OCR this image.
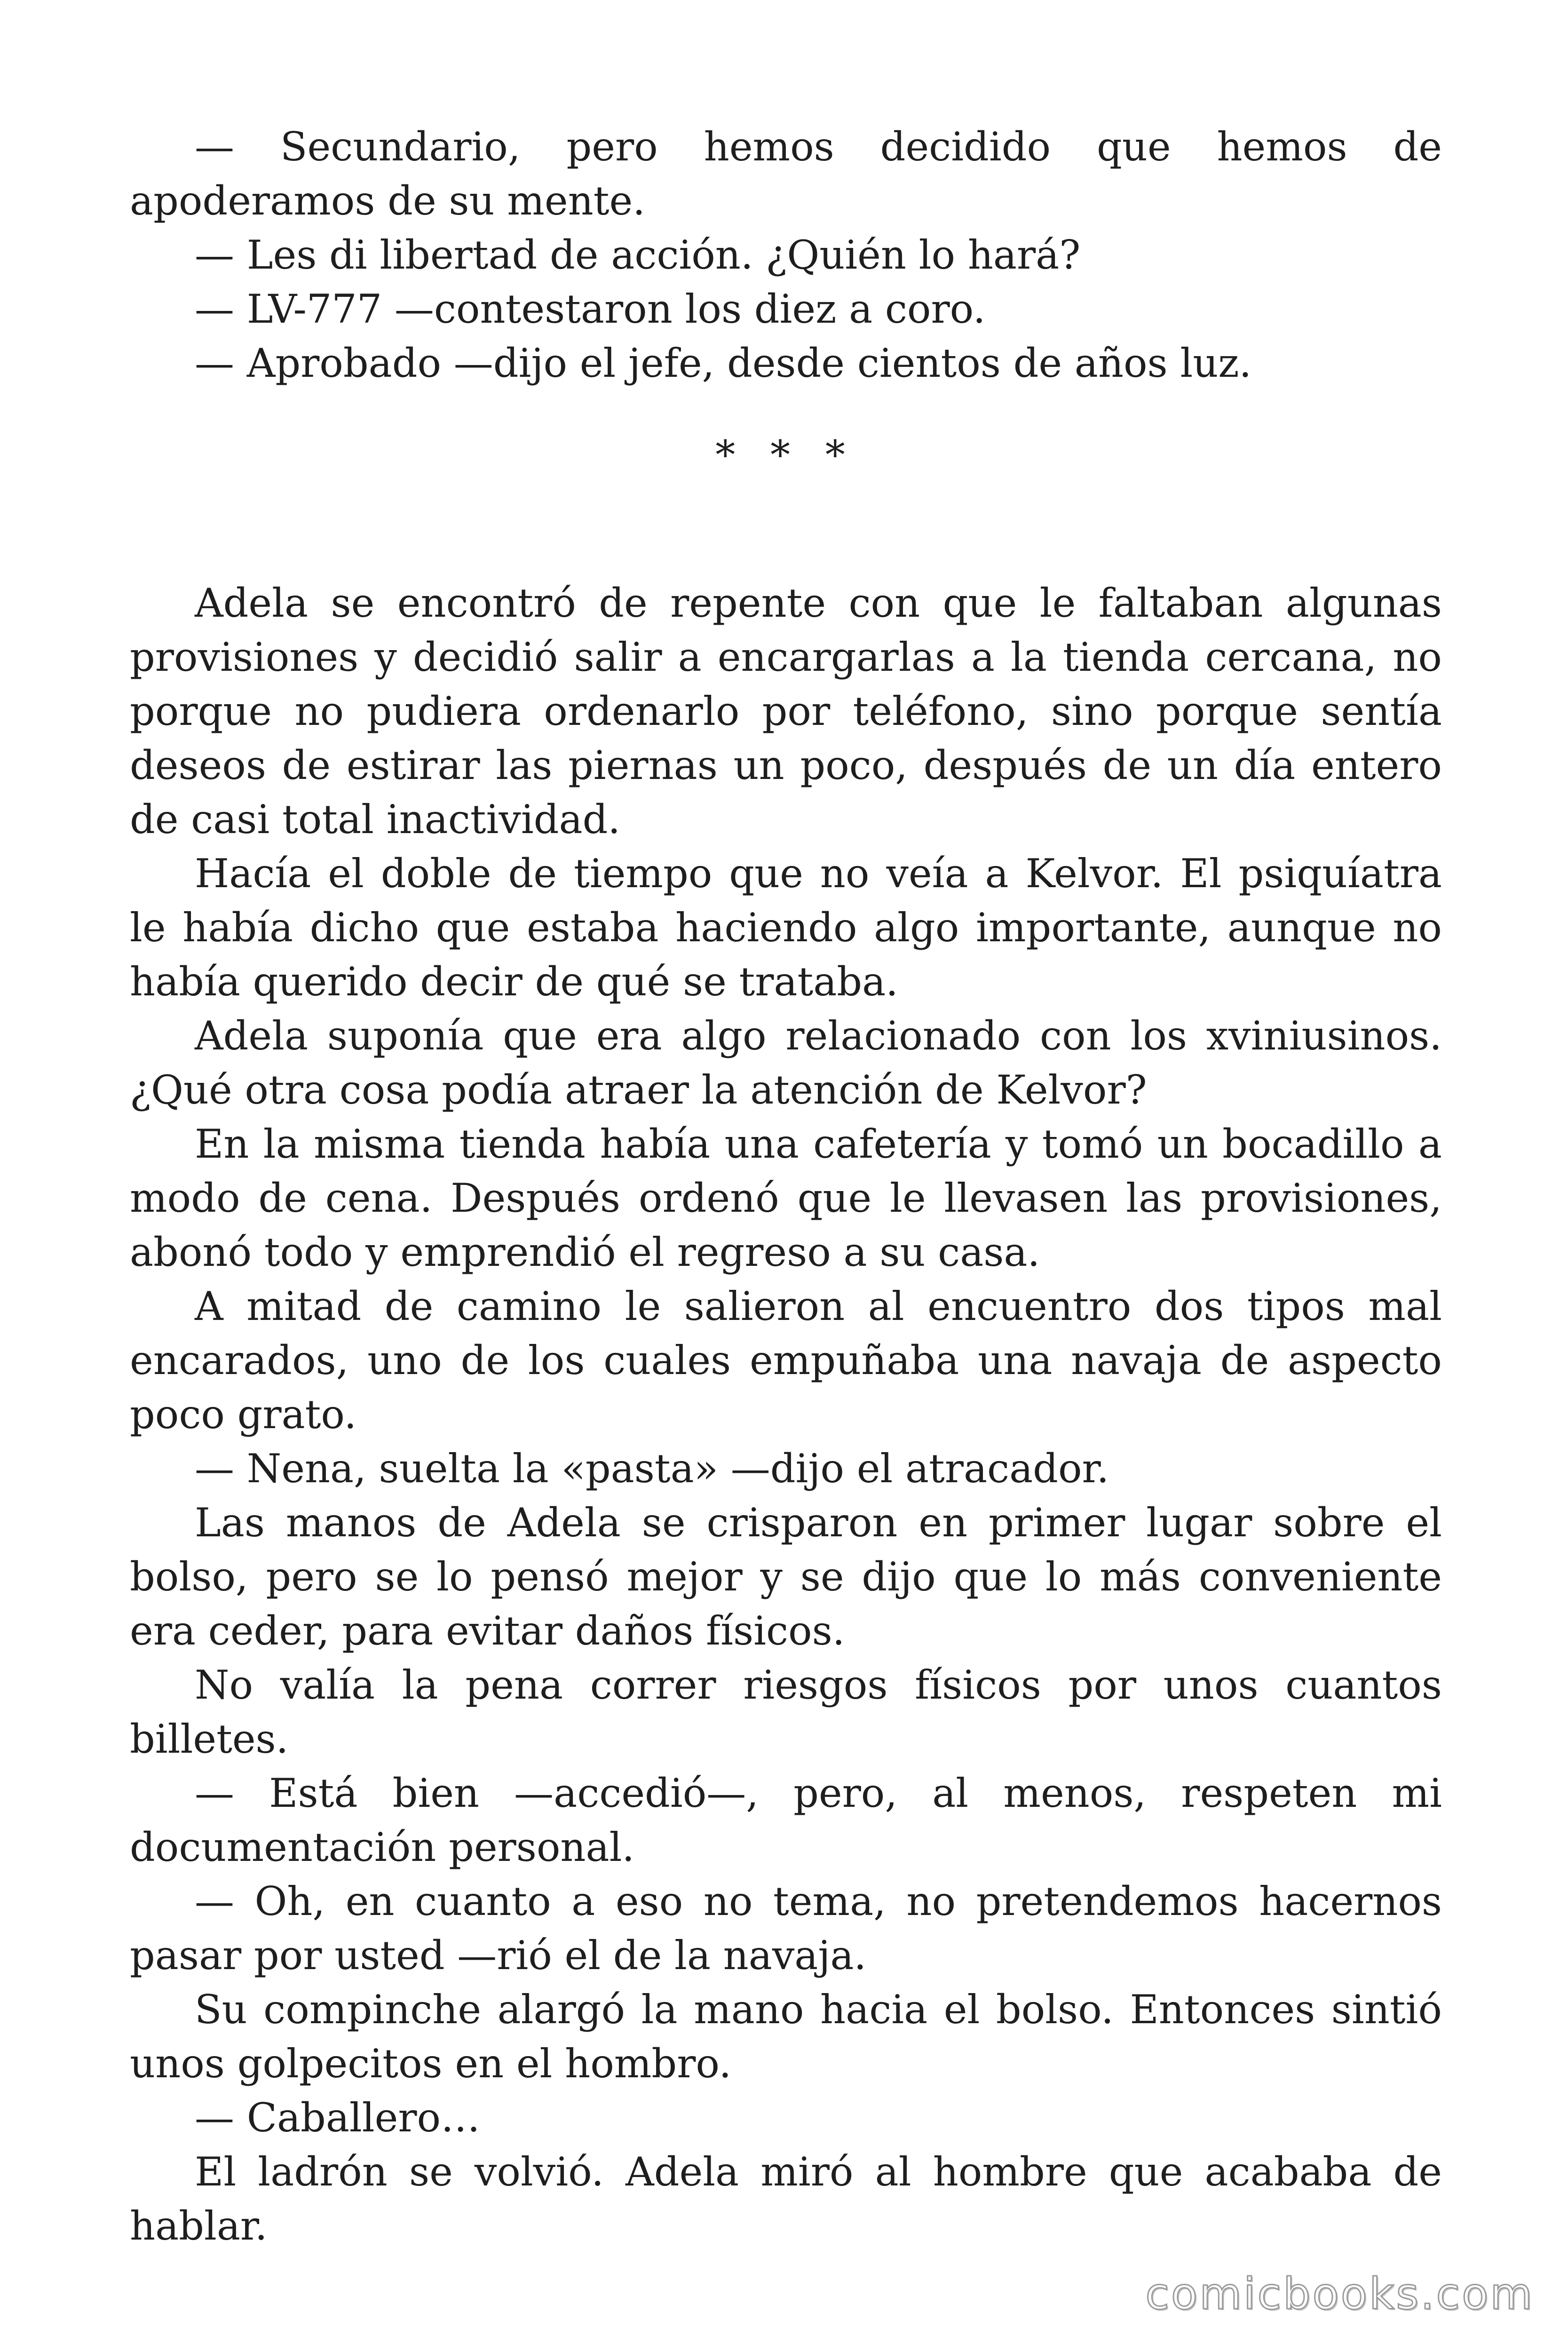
— Secundario, pero hemos decidido que hemos de apoderamos de su mente.

— Les di libertad de acción. ¿Quién lo hará?

— LV-777 —contestaron los diez a coro.

— Aprobado —dijo el jefe, desde cientos de años luz.

* * *

Adela se encontró de repente con que le faltaban algunas provisiones y decidió salir a encargarlas a la tienda cercana, no porque no pudiera ordenarlo por teléfono, sino porque sentía deseos de estirar las piernas un poco, después de un día entero de casi total inactividad.

Hacía el doble de tiempo que no veía a Kelvor. El psiquíatra le había dicho que estaba haciendo algo importante, aunque no había querido decir de qué se trataba.

Adela suponía que era algo relacionado con los xviniusinos. ¿Qué otra cosa podía atraer la atención de Kelvor?

En la misma tienda había una cafetería y tomó un bocadillo a modo de cena. Después ordenó que le llevasen las provisiones, abonó todo y emprendió el regreso a su casa.

A mitad de camino le salieron al encuentro dos tipos mal encarados, uno de los cuales empuñaba una navaja de aspecto poco grato.

— Nena, suelta la «pasta» —dijo el atracador.

Las manos de Adela se crisparon en primer lugar sobre el bolso, pero se lo pensó mejor y se dijo que lo más conveniente era ceder, para evitar daños físicos.

No valía la pena correr riesgos físicos por unos cuantos billetes.

— Está bien —accedió—, pero, al menos, respeten mi documentación personal.

— Oh, en cuanto a eso no tema, no pretendemos hacernos pasar por usted —rió el de la navaja.

Su compinche alargó la mano hacia el bolso. Entonces sintió unos golpecitos en el hombro.

— Caballero…

El ladrón se volvió. Adela miró al hombre que acababa de hablar.

comicbooks.com
